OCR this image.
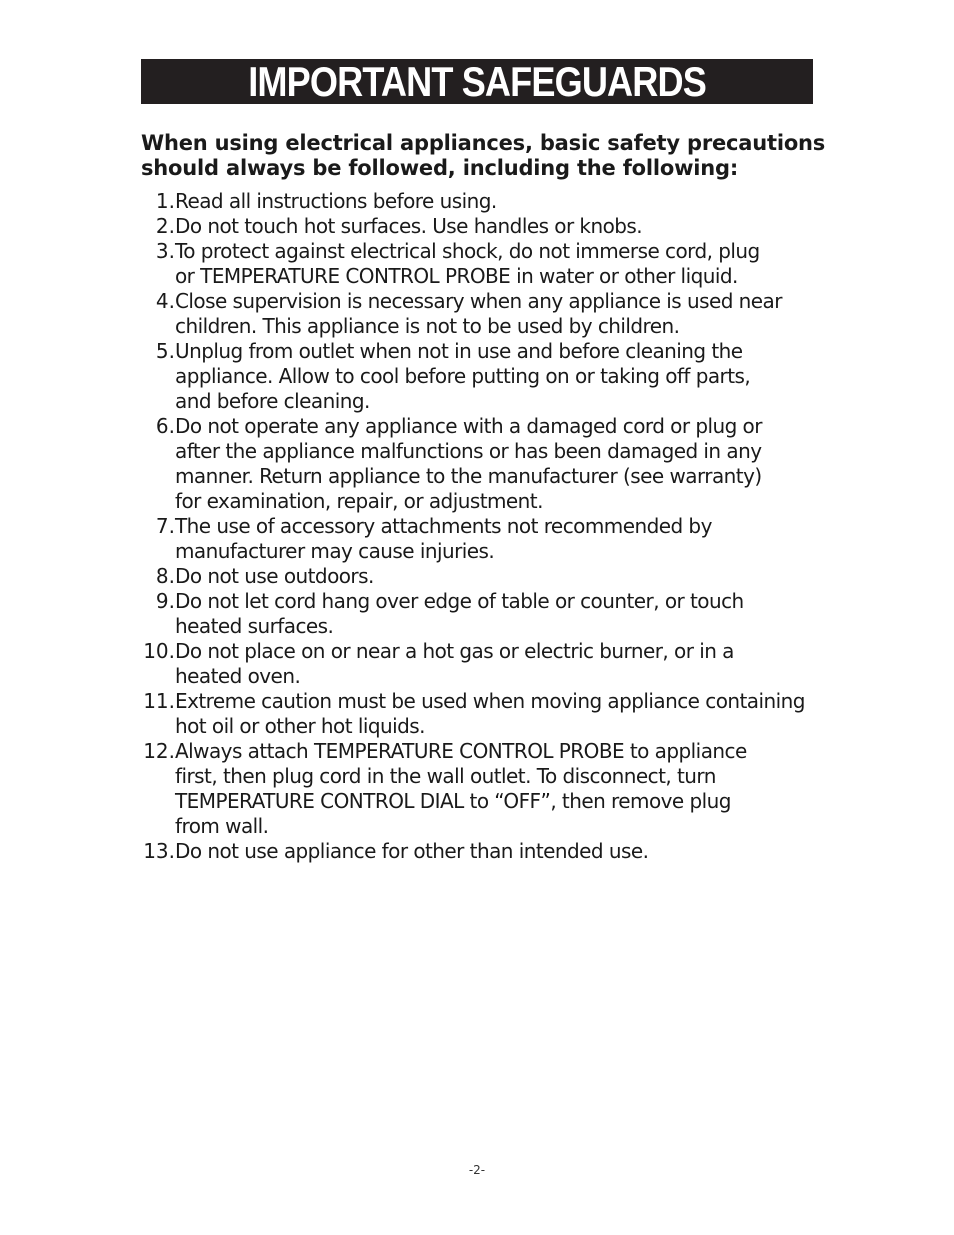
IMPORTANT SAFEGUARDS
When using electrical appliances, basic safety precautions
should always be followed, including the following:
1. Read all instructions before using.
2. Do not touch hot surfaces. Use handles or knobs.
3. To protect against electrical shock, do not immerse cord, plug
or TEMPERATURE CONTROL PROBE in water or other liquid.
4. Close supervision is necessary when any appliance is used near
children. This appliance is not to be used by children.
5. Unplug from outlet when not in use and before cleaning the
appliance. Allow to cool before putting on or taking off parts,
and before cleaning.
6. Do not operate any appliance with a damaged cord or plug or
after the appliance malfunctions or has been damaged in any
manner. Return appliance to the manufacturer (see warranty)
for examination, repair, or adjustment.
7. The use of accessory attachments not recommended by
manufacturer may cause injuries.
8. Do not use outdoors.
9. Do not let cord hang over edge of table or counter, or touch
heated surfaces.
10. Do not place on or near a hot gas or electric burner, or in a
heated oven.
11. Extreme caution must be used when moving appliance containing
hot oil or other hot liquids.
12. Always attach TEMPERATURE CONTROL PROBE to appliance
first, then plug cord in the wall outlet. To disconnect, turn
TEMPERATURE CONTROL DIAL to “OFF”, then remove plug
from wall.
13. Do not use appliance for other than intended use.
-2-
